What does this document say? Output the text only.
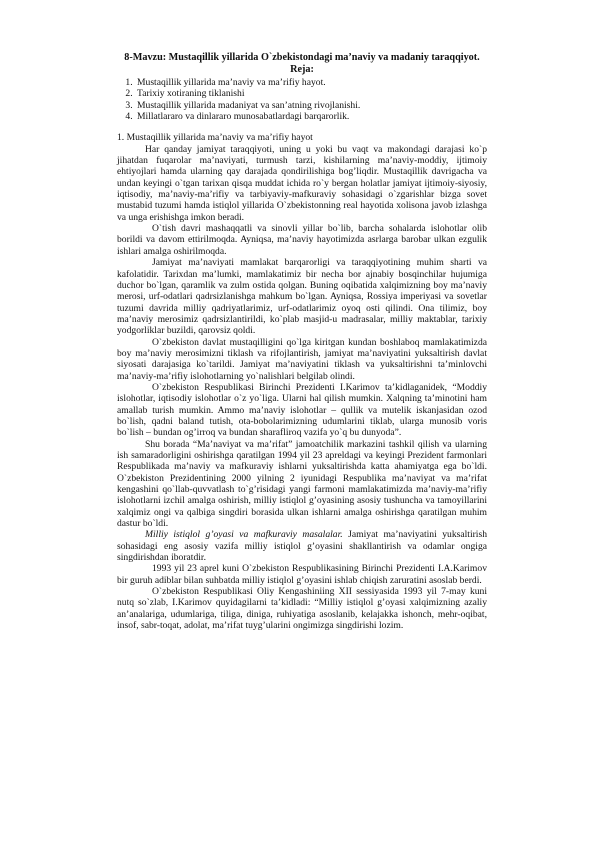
8-Mavzu: Mustaqillik yillarida O`zbekistondagi ma’naviy va madaniy taraqqiyot.

Reja:

1. Mustaqillik yillarida ma’naviy va ma’rifiy hayot.
2. Tarixiy xotiraning tiklanishi
3. Mustaqillik yillarida madaniyat va san’atning rivojlanishi.
4. Millatlararo va dinlararo munosabatlardagi barqarorlik.

1. Mustaqillik yillarida ma’naviy va ma’rifiy hayot

Har qanday jamiyat taraqqiyoti, uning u yoki bu vaqt va makondagi darajasi ko`p jihatdan fuqarolar ma’naviyati, turmush tarzi, kishilarning ma’naviy-moddiy, ijtimoiy ehtiyojlari hamda ularning qay darajada qondirilishiga bog’liqdir. Mustaqillik davrigacha va undan keyingi o`tgan tarixan qisqa muddat ichida ro`y bergan holatlar jamiyat ijtimoiy-siyosiy, iqtisodiy, ma’naviy-ma’rifiy va tarbiyaviy-mafkuraviy sohasidagi o`zgarishlar bizga sovet mustabid tuzumi hamda istiqlol yillarida O`zbekistonning real hayotida xolisona javob izlashga va unga erishishga imkon beradi.

O`tish davri mashaqqatli va sinovli yillar bo`lib, barcha sohalarda islohotlar olib borildi va davom ettirilmoqda. Ayniqsa, ma’naviy hayotimizda asrlarga barobar ulkan ezgulik ishlari amalga oshirilmoqda.

Jamiyat ma’naviyati mamlakat barqarorligi va taraqqiyotining muhim sharti va kafolatidir. Tarixdan ma’lumki, mamlakatimiz bir necha bor ajnabiy bosqinchilar hujumiga duchor bo`lgan, qaramlik va zulm ostida qolgan. Buning oqibatida xalqimizning boy ma’naviy merosi, urf-odatlari qadrsizlanishga mahkum bo`lgan. Ayniqsa, Rossiya imperiyasi va sovetlar tuzumi davrida milliy qadriyatlarimiz, urf-odatlarimiz oyoq osti qilindi. Ona tilimiz, boy ma’naviy merosimiz qadrsizlantirildi, ko`plab masjid-u madrasalar, milliy maktablar, tarixiy yodgorliklar buzildi, qarovsiz qoldi.

O`zbekiston davlat mustaqilligini qo`lga kiritgan kundan boshlaboq mamlakatimizda boy ma’naviy merosimizni tiklash va rifojlantirish, jamiyat ma’naviyatini yuksaltirish davlat siyosati darajasiga ko`tarildi. Jamiyat ma’naviyatini tiklash va yuksaltirishni ta’minlovchi ma’naviy-ma’rifiy islohotlarning yo`nalishlari belgilab olindi.

O`zbekiston Respublikasi Birinchi Prezidenti I.Karimov ta’kidlaganidek, “Moddiy islohotlar, iqtisodiy islohotlar o`z yo`liga. Ularni hal qilish mumkin. Xalqning ta’minotini ham amallab turish mumkin. Ammo ma’naviy islohotlar – qullik va mutelik iskanjasidan ozod bo`lish, qadni baland tutish, ota-bobolarimizning udumlarini tiklab, ularga munosib voris bo`lish – bundan og’irroq va bundan sharafliroq vazifa yo`q bu dunyoda”.

Shu borada “Ma’naviyat va ma’rifat” jamoatchilik markazini tashkil qilish va ularning ish samaradorligini oshirishga qaratilgan 1994 yil 23 apreldagi va keyingi Prezident farmonlari Respublikada ma’naviy va mafkuraviy ishlarni yuksaltirishda katta ahamiyatga ega bo`ldi. O`zbekiston Prezidentining 2000 yilning 2 iyunidagi Respublika ma’naviyat va ma’rifat kengashini qo`llab-quvvatlash to`g’risidagi yangi farmoni mamlakatimizda ma’naviy-ma’rifiy islohotlarni izchil amalga oshirish, milliy istiqlol g’oyasining asosiy tushuncha va tamoyillarini xalqimiz ongi va qalbiga singdiri borasida ulkan ishlarni amalga oshirishga qaratilgan muhim dastur bo`ldi.

Milliy istiqlol g’oyasi va mafkuraviy masalalar. Jamiyat ma’naviyatini yuksaltirish sohasidagi eng asosiy vazifa milliy istiqlol g’oyasini shakllantirish va odamlar ongiga singdirishdan iboratdir.

1993 yil 23 aprel kuni O`zbekiston Respublikasining Birinchi Prezidenti I.A.Karimov bir guruh adiblar bilan suhbatda milliy istiqlol g’oyasini ishlab chiqish zaruratini asoslab berdi.

O`zbekiston Respublikasi Oliy Kengashiniing XII sessiyasida 1993 yil 7-may kuni nutq so`zlab, I.Karimov quyidagilarni ta’kidladi: “Milliy istiqlol g’oyasi xalqimizning azaliy an’analariga, udumlariga, tiliga, diniga, ruhiyatiga asoslanib, kelajakka ishonch, mehr-oqibat, insof, sabr-toqat, adolat, ma’rifat tuyg’ularini ongimizga singdirishi lozim.
